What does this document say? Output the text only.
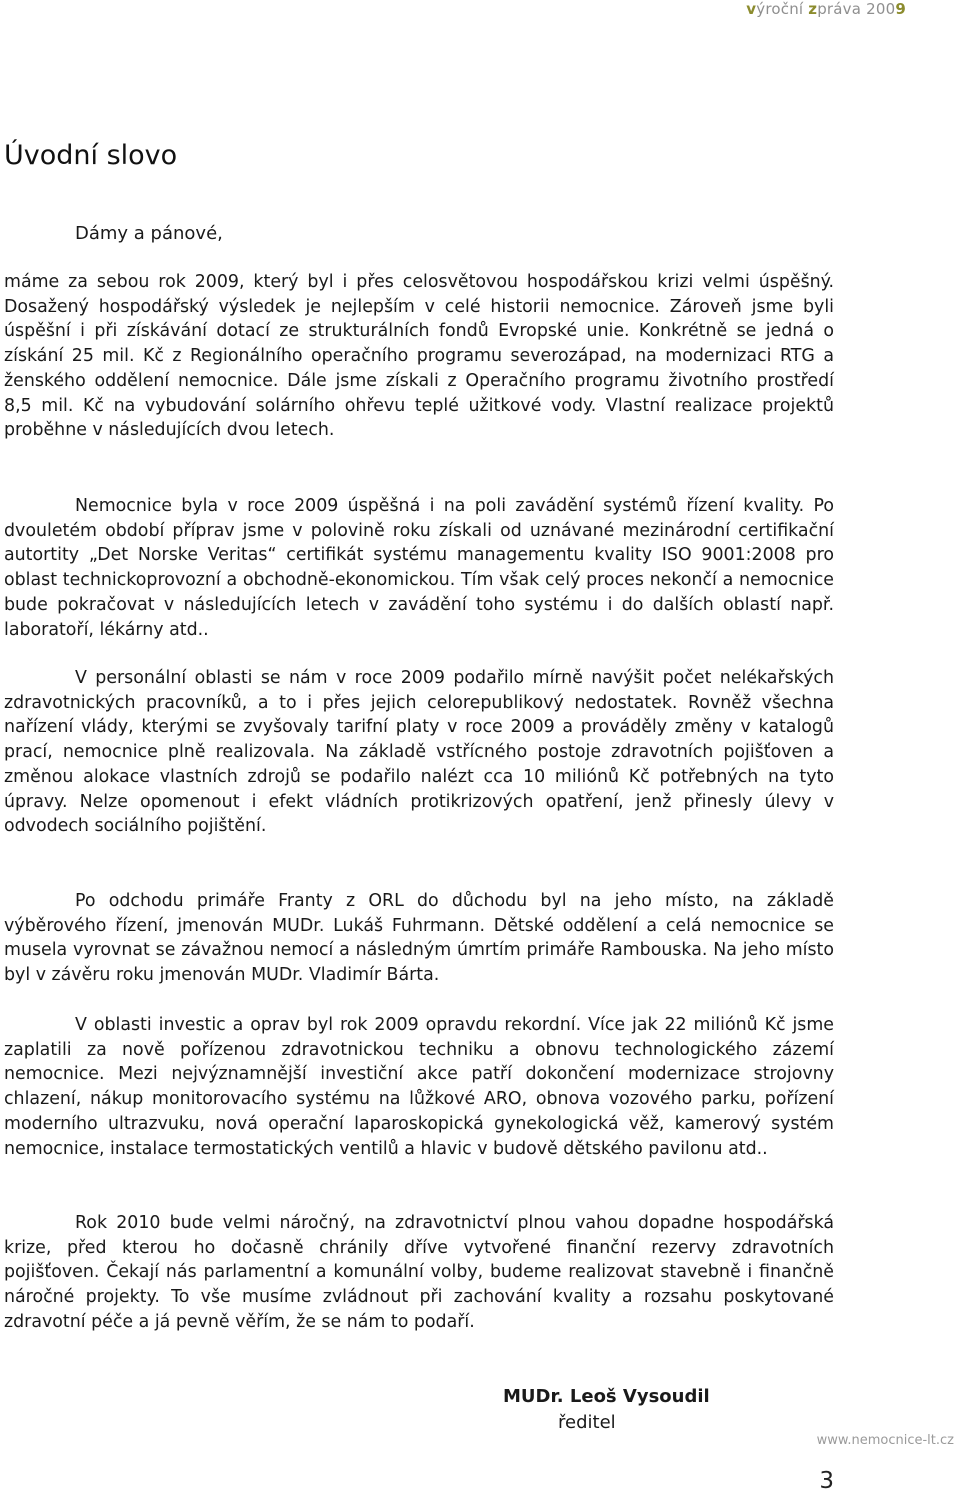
výroční zpráva 2009
Úvodní slovo
Dámy a pánové,

máme za sebou rok 2009, který byl i přes celosvětovou hospodářskou krizi velmi úspěšný. Dosažený hospodářský výsledek je nejlepším v celé historii nemocnice. Zároveň jsme byli úspěšní i při získávání dotací ze strukturálních fondů Evropské unie. Konkrétně se jedná o získání 25 mil. Kč z Regionálního operačního programu severozápad, na modernizaci RTG a ženského oddělení nemocnice. Dále jsme získali z Operačního programu životního prostředí 8,5 mil. Kč na vybudování solárního ohřevu teplé užitkové vody. Vlastní realizace projektů proběhne v následujících dvou letech.

Nemocnice byla v roce 2009 úspěšná i na poli zavádění systémů řízení kvality. Po dvouletém období příprav jsme v polovině roku získali od uznávané mezinárodní certifikační autortity „Det Norske Veritas“ certifikát systému managementu kvality ISO 9001:2008 pro oblast technickoprovozní a obchodně-ekonomickou. Tím však celý proces nekončí a nemocnice bude pokračovat v následujících letech v zavádění toho systému i do dalších oblastí např. laboratoří, lékárny atd..

V personální oblasti se nám v roce 2009 podařilo mírně navýšit počet nelékařských zdravotnických pracovníků, a to i přes jejich celorepublikový nedostatek. Rovněž všechna nařízení vlády, kterými se zvyšovaly tarifní platy v roce 2009 a prováděly změny v katalogů prací, nemocnice plně realizovala. Na základě vstřícného postoje zdravotních pojišťoven a změnou alokace vlastních zdrojů se podařilo nalézt cca 10 miliónů Kč potřebných na tyto úpravy. Nelze opomenout i efekt vládních protikrizových opatření, jenž přinesly úlevy v odvodech sociálního pojištění.

Po odchodu primáře Franty z ORL do důchodu byl na jeho místo, na základě výběrového řízení, jmenován MUDr. Lukáš Fuhrmann. Dětské oddělení a celá nemocnice se musela vyrovnat se závažnou nemocí a následným úmrtím primáře Rambouska. Na jeho místo byl v závěru roku jmenován MUDr. Vladimír Bárta.

V oblasti investic a oprav byl rok 2009 opravdu rekordní. Více jak 22 miliónů Kč jsme zaplatili za nově pořízenou zdravotnickou techniku a obnovu technologického zázemí nemocnice. Mezi nejvýznamnější investiční akce patří dokončení modernizace strojovny chlazení, nákup monitorovacího systému na lůžkové ARO, obnova vozového parku, pořízení moderního ultrazvuku, nová operační laparoskopická gynekologická věž, kamerový systém nemocnice, instalace termostatických ventilů a hlavic v budově dětského pavilonu atd..

Rok 2010 bude velmi náročný, na zdravotnictví plnou vahou dopadne hospodářská krize, před kterou ho dočasně chránily dříve vytvořené finanční rezervy zdravotních pojišťoven. Čekají nás parlamentní a komunální volby, budeme realizovat stavebně i finančně náročné projekty. To vše musíme zvládnout při zachování kvality a rozsahu poskytované zdravotní péče a já pevně věřím, že se nám to podaří.

MUDr. Leoš Vysoudil
ředitel
www.nemocnice-lt.cz
3
